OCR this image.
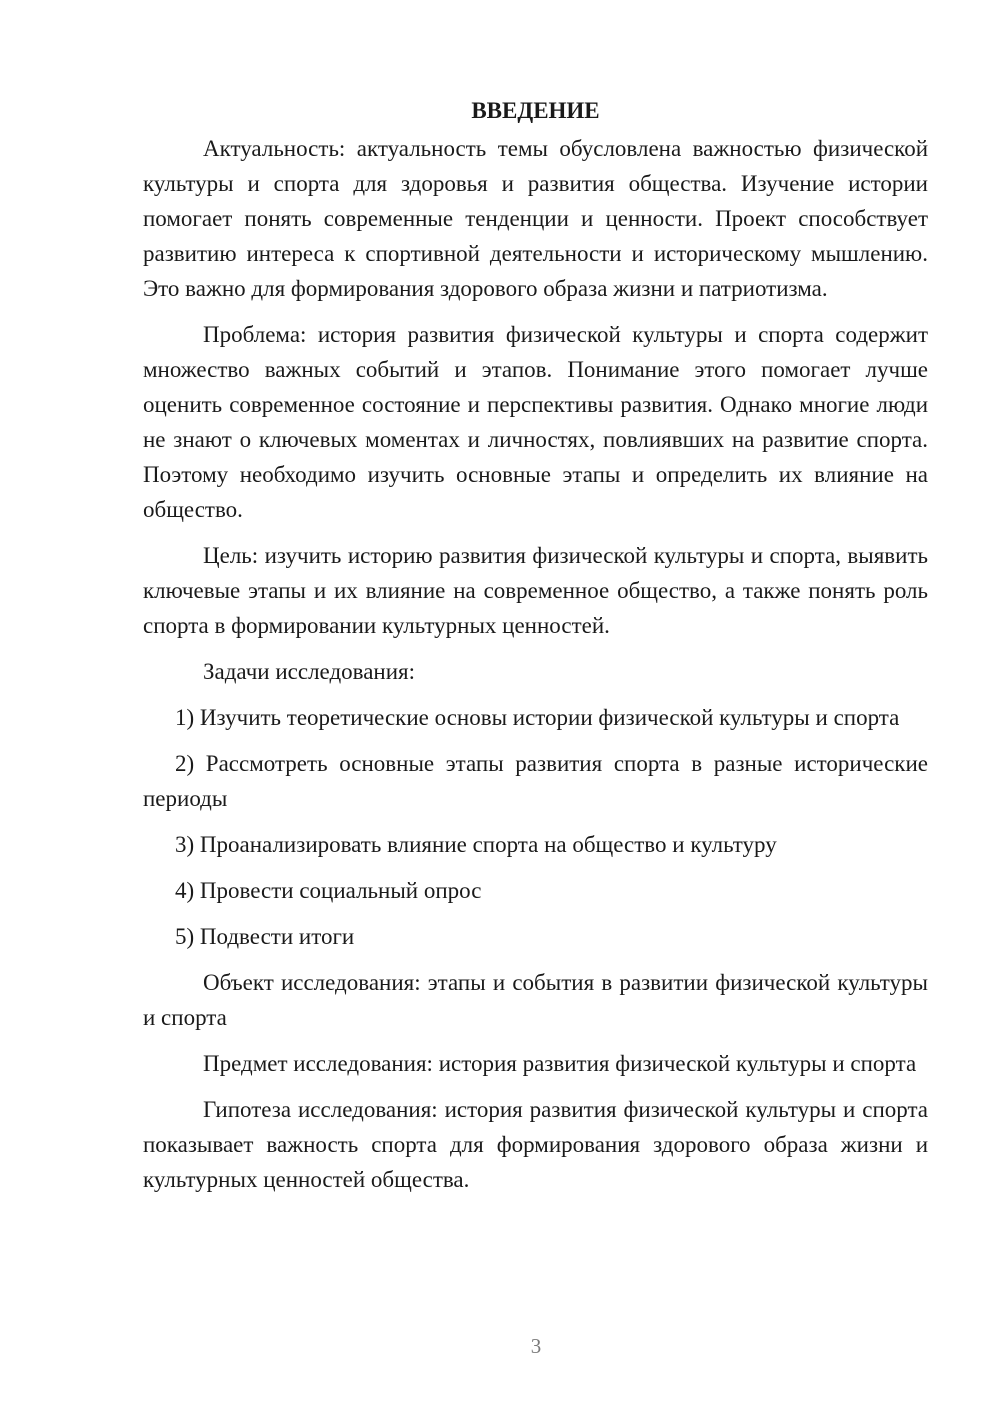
ВВЕДЕНИЕ

Актуальность: актуальность темы обусловлена важностью физической культуры и спорта для здоровья и развития общества. Изучение истории помогает понять современные тенденции и ценности. Проект способствует развитию интереса к спортивной деятельности и историческому мышлению. Это важно для формирования здорового образа жизни и патриотизма.

Проблема: история развития физической культуры и спорта содержит множество важных событий и этапов. Понимание этого помогает лучше оценить современное состояние и перспективы развития. Однако многие люди не знают о ключевых моментах и личностях, повлиявших на развитие спорта. Поэтому необходимо изучить основные этапы и определить их влияние на общество.

Цель: изучить историю развития физической культуры и спорта, выявить ключевые этапы и их влияние на современное общество, а также понять роль спорта в формировании культурных ценностей.

Задачи исследования:

1) Изучить теоретические основы истории физической культуры и спорта

2) Рассмотреть основные этапы развития спорта в разные исторические периоды

3) Проанализировать влияние спорта на общество и культуру

4) Провести социальный опрос

5) Подвести итоги

Объект исследования: этапы и события в развитии физической культуры и спорта

Предмет исследования: история развития физической культуры и спорта

Гипотеза исследования: история развития физической культуры и спорта показывает важность спорта для формирования здорового образа жизни и культурных ценностей общества.

3
